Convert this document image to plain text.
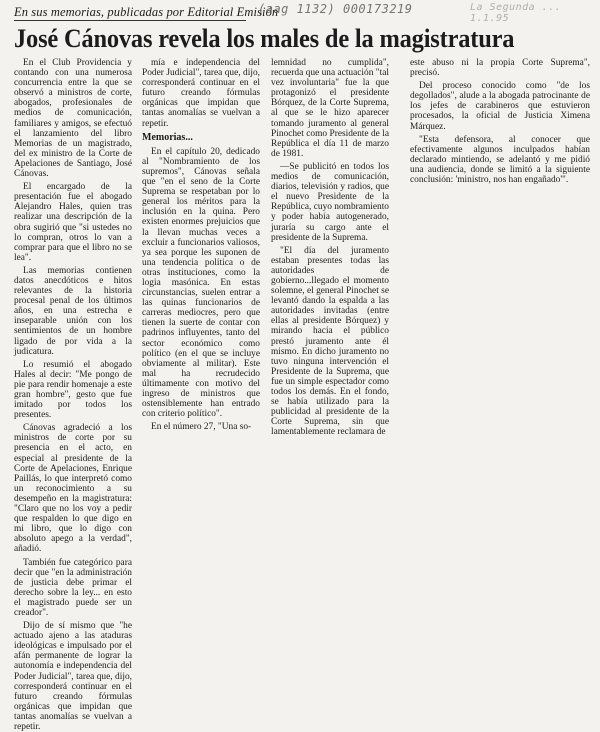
En sus memorias, publicadas por Editorial Emisión
(aag 1132) 000173219	La Segunda ... 1.1.95
José Cánovas revela los males de la magistratura

En el Club Providencia y contando con una numerosa concurrencia entre la que se observó a ministros de corte, abogados, profesionales de medios de comunicación, familiares y amigos, se efectuó el lanzamiento del libro Memorias de un magistrado, del ex ministro de la Corte de Apelaciones de Santiago, José Cánovas.

El encargado de la presentación fue el abogado Alejandro Hales, quien tras realizar una descripción de la obra sugirió que "si ustedes no lo compran, otros lo van a comprar para que el libro no se lea".

Las memorias contienen datos anecdóticos e hitos relevantes de la historia procesal penal de los últimos años, en una estrecha e inseparable unión con los sentimientos de un hombre ligado de por vida a la judicatura.

Lo resumió el abogado Hales al decir: "Me pongo de pie para rendir homenaje a este gran hombre", gesto que fue imitado por todos los presentes.

Cánovas agradeció a los ministros de corte por su presencia en el acto, en especial al presidente de la Corte de Apelaciones, Enrique Paillás, lo que interpretó como un reconocimiento a su desempeño en la magistratura: "Claro que no los voy a pedir que respalden lo que digo en mi libro, que lo digo con absoluto apego a la verdad", añadió.

También fue categórico para decir que "en la administración de justicia debe primar el derecho sobre la ley... en esto el magistrado puede ser un creador".

Dijo de sí mismo que "he actuado ajeno a las ataduras ideológicas e impulsado por el afán permanente de lograr la autonomía e independencia del Poder Judicial", tarea que, dijo, corresponderá continuar en el futuro creando fórmulas orgánicas que impidan que tantas anomalías se vuelvan a repetir.

mía e independencia del Poder Judicial", tarea que, dijo, corresponderá continuar en el futuro creando fórmulas orgánicas que impidan que tantas anomalías se vuelvan a repetir.

Memorias...

En el capítulo 20, dedicado al "Nombramiento de los supremos", Cánovas señala que "en el seno de la Corte Suprema se respetaban por lo general los méritos para la inclusión en la quina. Pero existen enormes prejuicios que la llevan muchas veces a excluir a funcionarios valiosos, ya sea porque les suponen de una tendencia política o de otras instituciones, como la logia masónica. En estas circunstancias, suelen entrar a las quinas funcionarios de carreras mediocres, pero que tienen la suerte de contar con padrinos influyentes, tanto del sector económico como político (en el que se incluye obviamente al militar). Este mal ha recrudecido últimamente con motivo del ingreso de ministros que ostensiblemente han entrado con criterio político".

En el número 27, "Una so-

lemnidad no cumplida", recuerda que una actuación "tal vez involuntaria" fue la que protagonizó el presidente Bórquez, de la Corte Suprema, al que se le hizo aparecer tomando juramento al general Pinochet como Presidente de la República el día 11 de marzo de 1981.

—Se publicitó en todos los medios de comunicación, diarios, televisión y radios, que el nuevo Presidente de la República, cuyo nombramiento y poder había autogenerado, juraría su cargo ante el presidente de la Suprema.

"El día del juramento estaban presentes todas las autoridades de gobierno...llegado el momento solemne, el general Pinochet se levantó dando la espalda a las autoridades invitadas (entre ellas al presidente Bórquez) y mirando hacia el público prestó juramento ante él mismo. En dicho juramento no tuvo ninguna intervención el Presidente de la Suprema, que fue un simple espectador como todos los demás. En el fondo, se había utilizado para la publicidad al presidente de la Corte Suprema, sin que lamentablemente reclamara de

este abuso ni la propia Corte Suprema", precisó.

Del proceso conocido como "de los degollados", alude a la abogada patrocinante de los jefes de carabineros que estuvieron procesados, la oficial de Justicia Ximena Márquez.

"Esta defensora, al conocer que efectivamente algunos inculpados habían declarado mintiendo, se adelantó y me pidió una audiencia, donde se limitó a la siguiente conclusión: 'ministro, nos han engañado'".
